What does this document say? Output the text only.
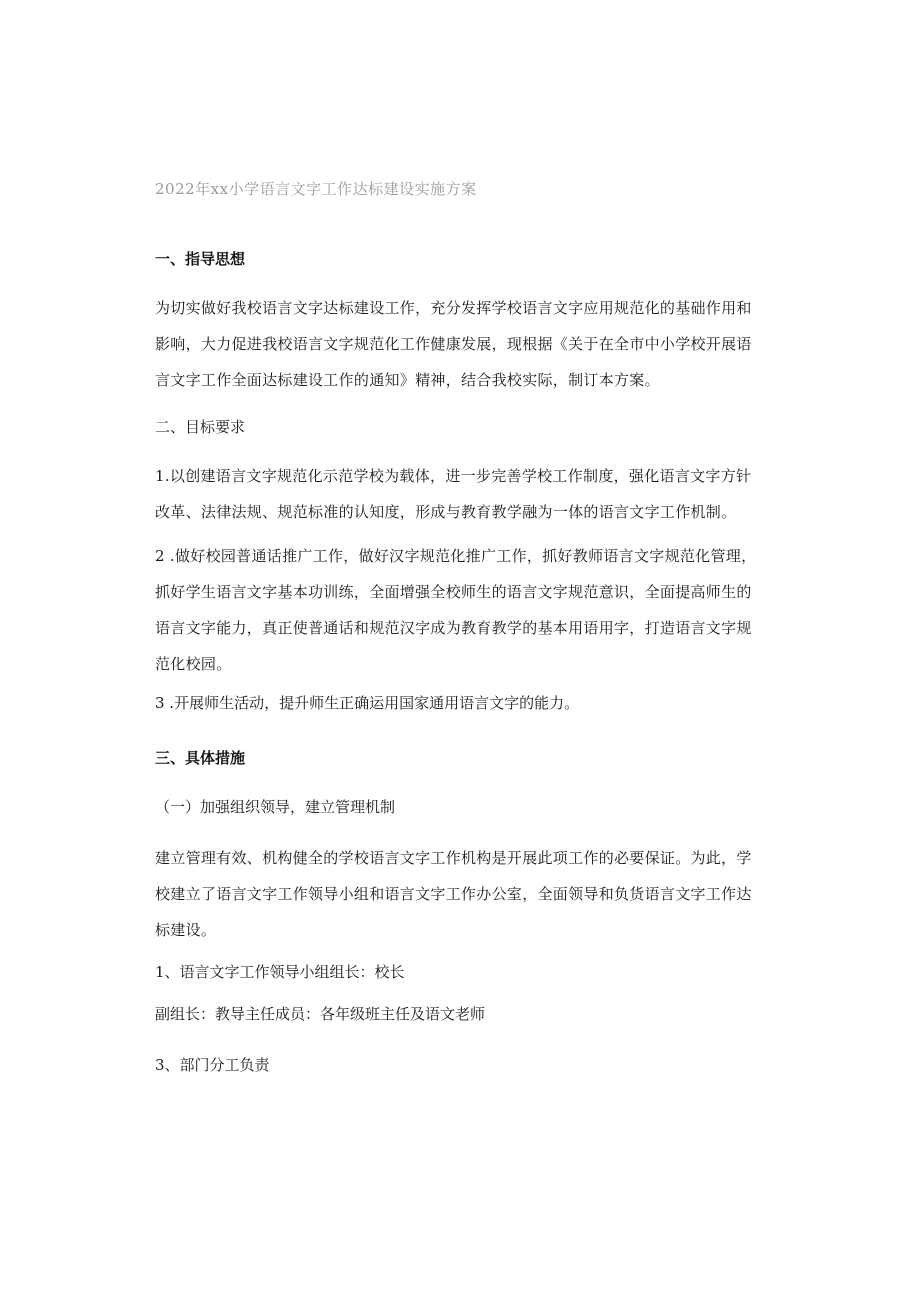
2022年xx小学语言文字工作达标建设实施方案
一、指导思想
为切实做好我校语言文字达标建设工作，充分发挥学校语言文字应用规范化的基础作用和
影响，大力促进我校语言文字规范化工作健康发展，现根据《关于在全市中小学校开展语
言文字工作全面达标建设工作的通知》精神，结合我校实际，制订本方案。
二、目标要求
1.以创建语言文字规范化示范学校为载体，进一步完善学校工作制度，强化语言文字方针
改革、法律法规、规范标准的认知度，形成与教育教学融为一体的语言文字工作机制。
2 .做好校园普通话推广工作，做好汉字规范化推广工作，抓好教师语言文字规范化管理，
抓好学生语言文字基本功训练，全面增强全校师生的语言文字规范意识，全面提高师生的
语言文字能力，真正使普通话和规范汉字成为教育教学的基本用语用字，打造语言文字规
范化校园。
3 .开展师生活动，提升师生正确运用国家通用语言文字的能力。
三、具体措施
（一）加强组织领导，建立管理机制
建立管理有效、机构健全的学校语言文字工作机构是开展此项工作的必要保证。为此，学
校建立了语言文字工作领导小组和语言文字工作办公室，全面领导和负货语言文字工作达
标建设。
1、语言文字工作领导小组组长：校长
副组长：教导主任成员：各年级班主任及语文老师
3、部门分工负责
